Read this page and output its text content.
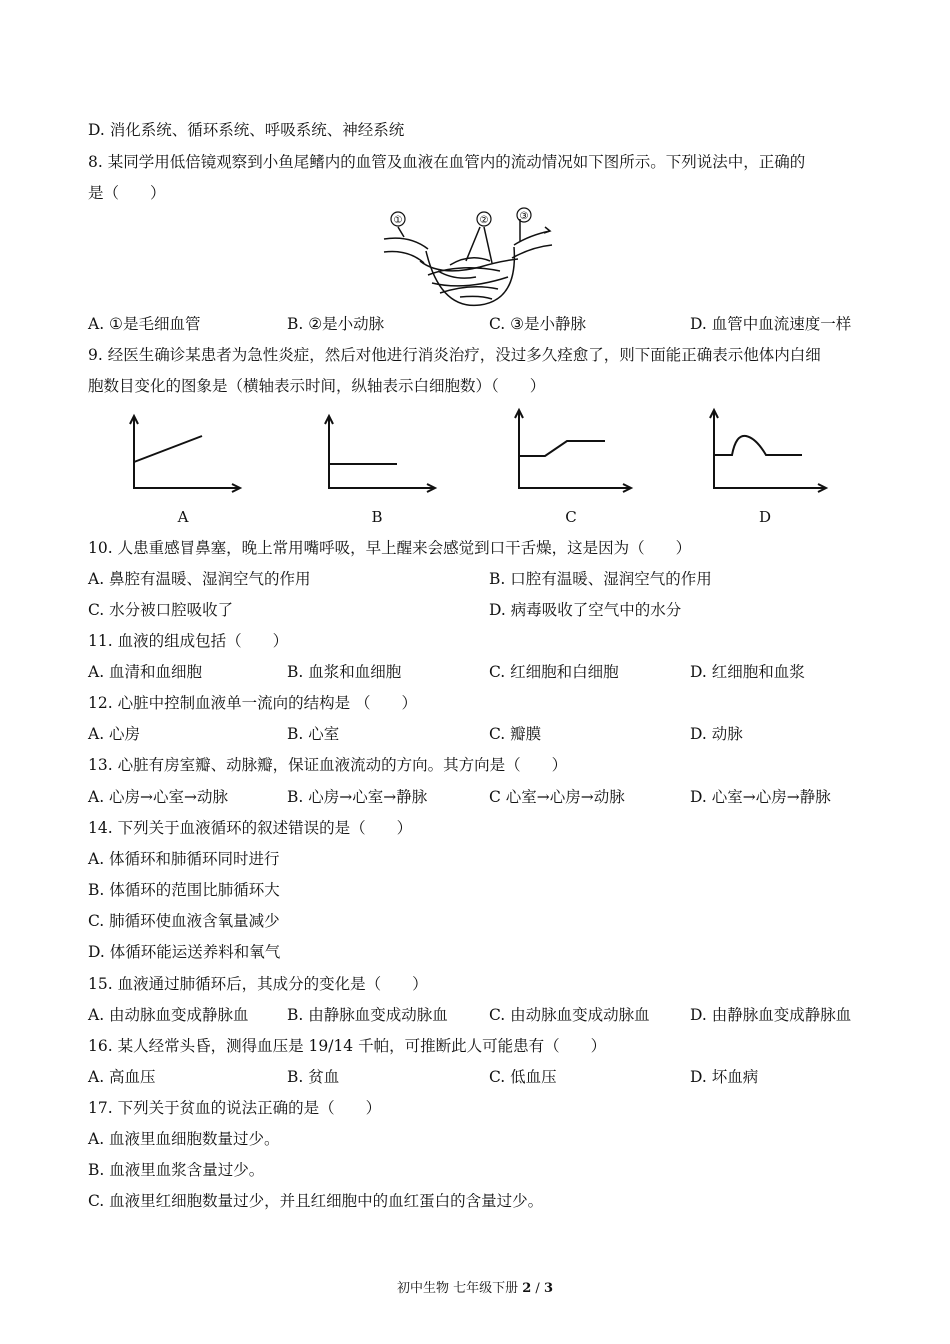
D. 消化系统、循环系统、呼吸系统、神经系统
8. 某同学用低倍镜观察到小鱼尾鳍内的血管及血液在血管内的流动情况如下图所示。下列说法中，正确的
是（　　）
①	②	③
A. ①是毛细血管	B. ②是小动脉	C. ③是小静脉	D. 血管中血流速度一样
9. 经医生确诊某患者为急性炎症，然后对他进行消炎治疗，没过多久痊愈了，则下面能正确表示他体内白细
胞数目变化的图象是（横轴表示时间，纵轴表示白细胞数）（　　）
A	B	C	D
10. 人患重感冒鼻塞，晚上常用嘴呼吸，早上醒来会感觉到口干舌燥，这是因为（　　）
A. 鼻腔有温暖、湿润空气的作用	B. 口腔有温暖、湿润空气的作用
C. 水分被口腔吸收了	D. 病毒吸收了空气中的水分
11. 血液的组成包括（　　）
A. 血清和血细胞	B. 血浆和血细胞	C. 红细胞和白细胞	D. 红细胞和血浆
12. 心脏中控制血液单一流向的结构是 （　　）
A. 心房	B. 心室	C. 瓣膜	D. 动脉
13. 心脏有房室瓣、动脉瓣，保证血液流动的方向。其方向是（　　）
A. 心房→心室→动脉	B. 心房→心室→静脉	C 心室→心房→动脉	D. 心室→心房→静脉
14. 下列关于血液循环的叙述错误的是（　　）
A. 体循环和肺循环同时进行
B. 体循环的范围比肺循环大
C. 肺循环使血液含氧量减少
D. 体循环能运送养料和氧气
15. 血液通过肺循环后，其成分的变化是（　　）
A. 由动脉血变成静脉血 B. 由静脉血变成动脉血	C. 由动脉血变成动脉血	D. 由静脉血变成静脉血
16. 某人经常头昏，测得血压是 19/14 千帕，可推断此人可能患有（　　）
A. 高血压	B. 贫血	C. 低血压	D. 坏血病
17. 下列关于贫血的说法正确的是（　　）
A. 血液里血细胞数量过少。
B. 血液里血浆含量过少。
C. 血液里红细胞数量过少，并且红细胞中的血红蛋白的含量过少。
初中生物 七年级下册 2 / 3
